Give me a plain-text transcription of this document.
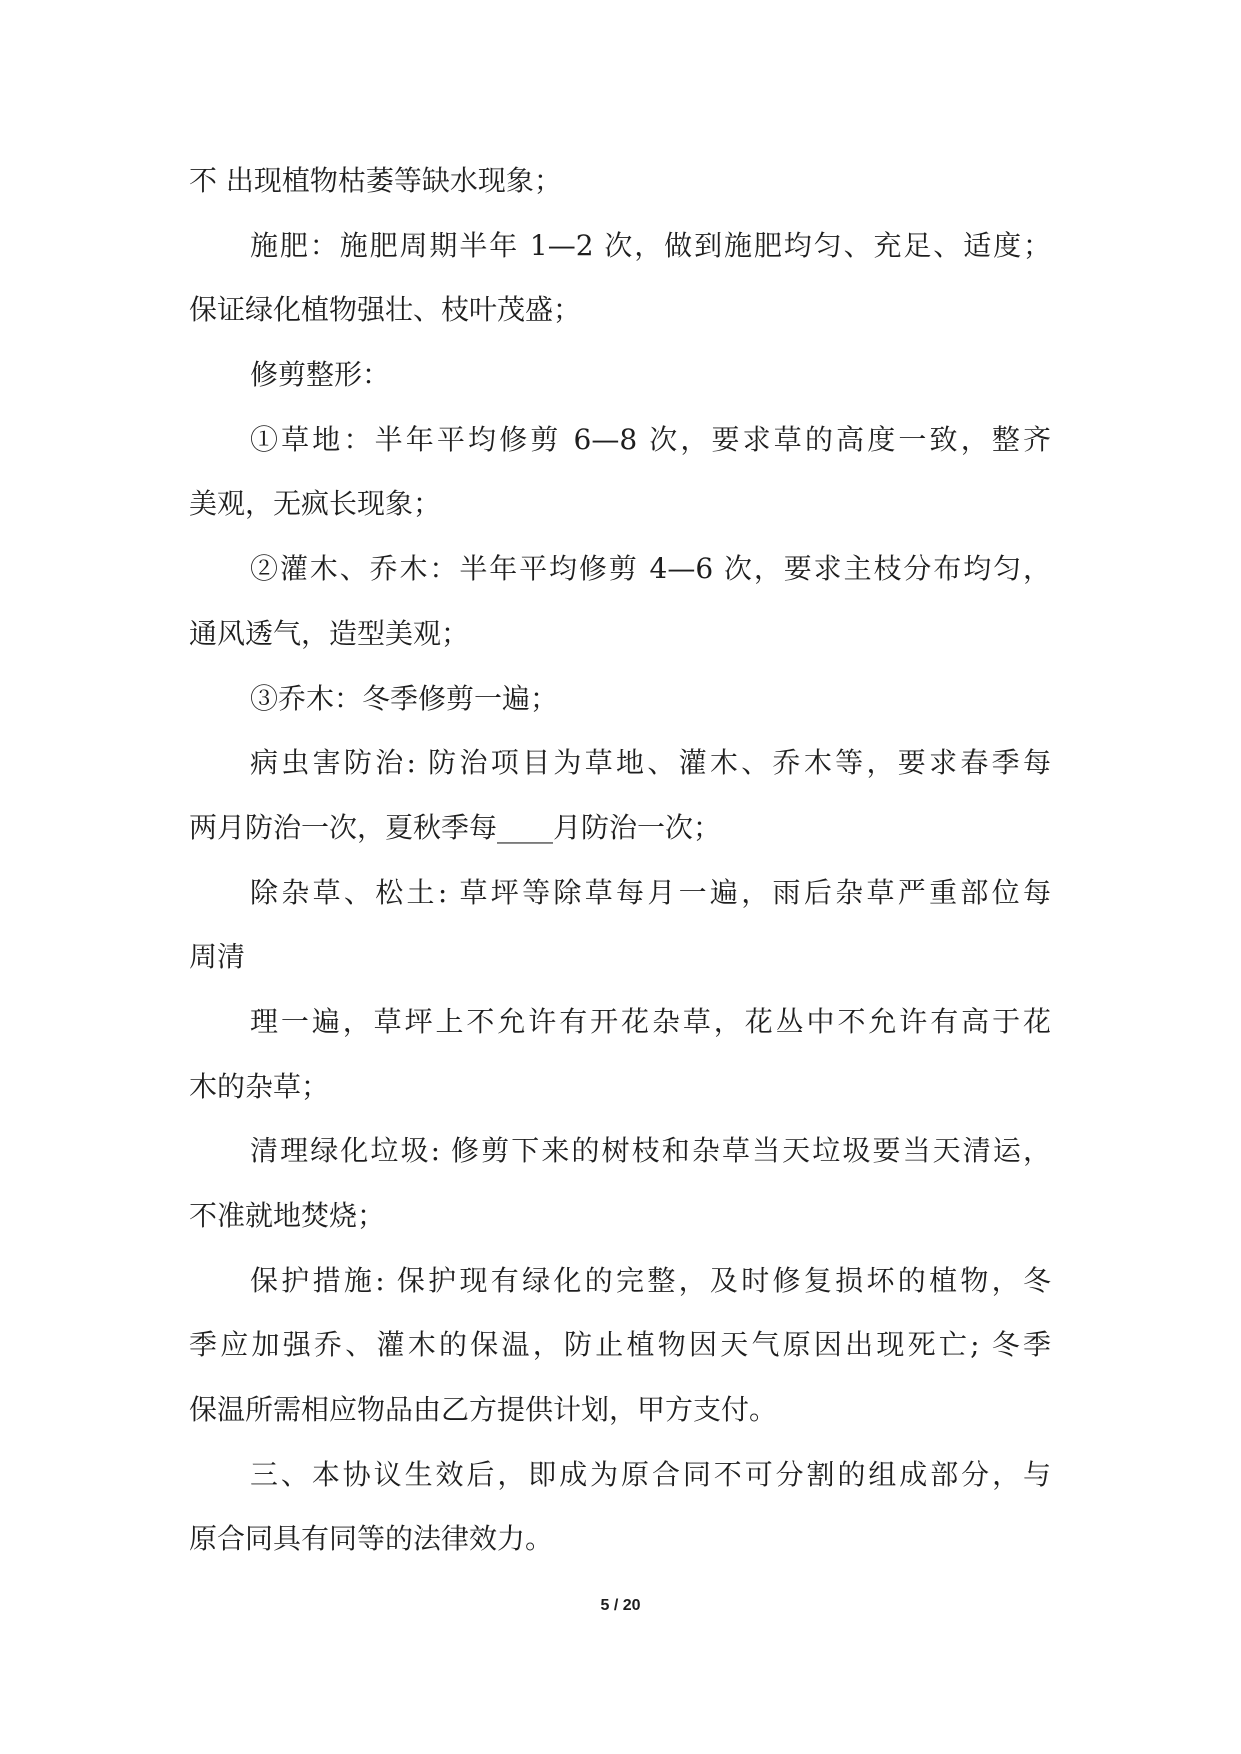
不 出现植物枯萎等缺水现象；
施肥：施肥周期半年 1—2 次，做到施肥均匀、充足、适度；
保证绿化植物强壮、枝叶茂盛；
修剪整形：
①草地：半年平均修剪 6—8 次，要求草的高度一致，整齐
美观，无疯长现象；
②灌木、乔木：半年平均修剪 4—6 次，要求主枝分布均匀，
通风透气，造型美观；
③乔木：冬季修剪一遍；
病虫害防治: 防治项目为草地、灌木、乔木等，要求春季每
两月防治一次，夏秋季每____月防治一次；
除杂草、松土: 草坪等除草每月一遍，雨后杂草严重部位每
周清
理一遍，草坪上不允许有开花杂草，花丛中不允许有高于花
木的杂草；
清理绿化垃圾: 修剪下来的树枝和杂草当天垃圾要当天清运，
不准就地焚烧；
保护措施: 保护现有绿化的完整，及时修复损坏的植物，冬
季应加强乔、灌木的保温，防止植物因天气原因出现死亡; 冬季
保温所需相应物品由乙方提供计划，甲方支付。
三、本协议生效后，即成为原合同不可分割的组成部分，与
原合同具有同等的法律效力。
5 / 20
